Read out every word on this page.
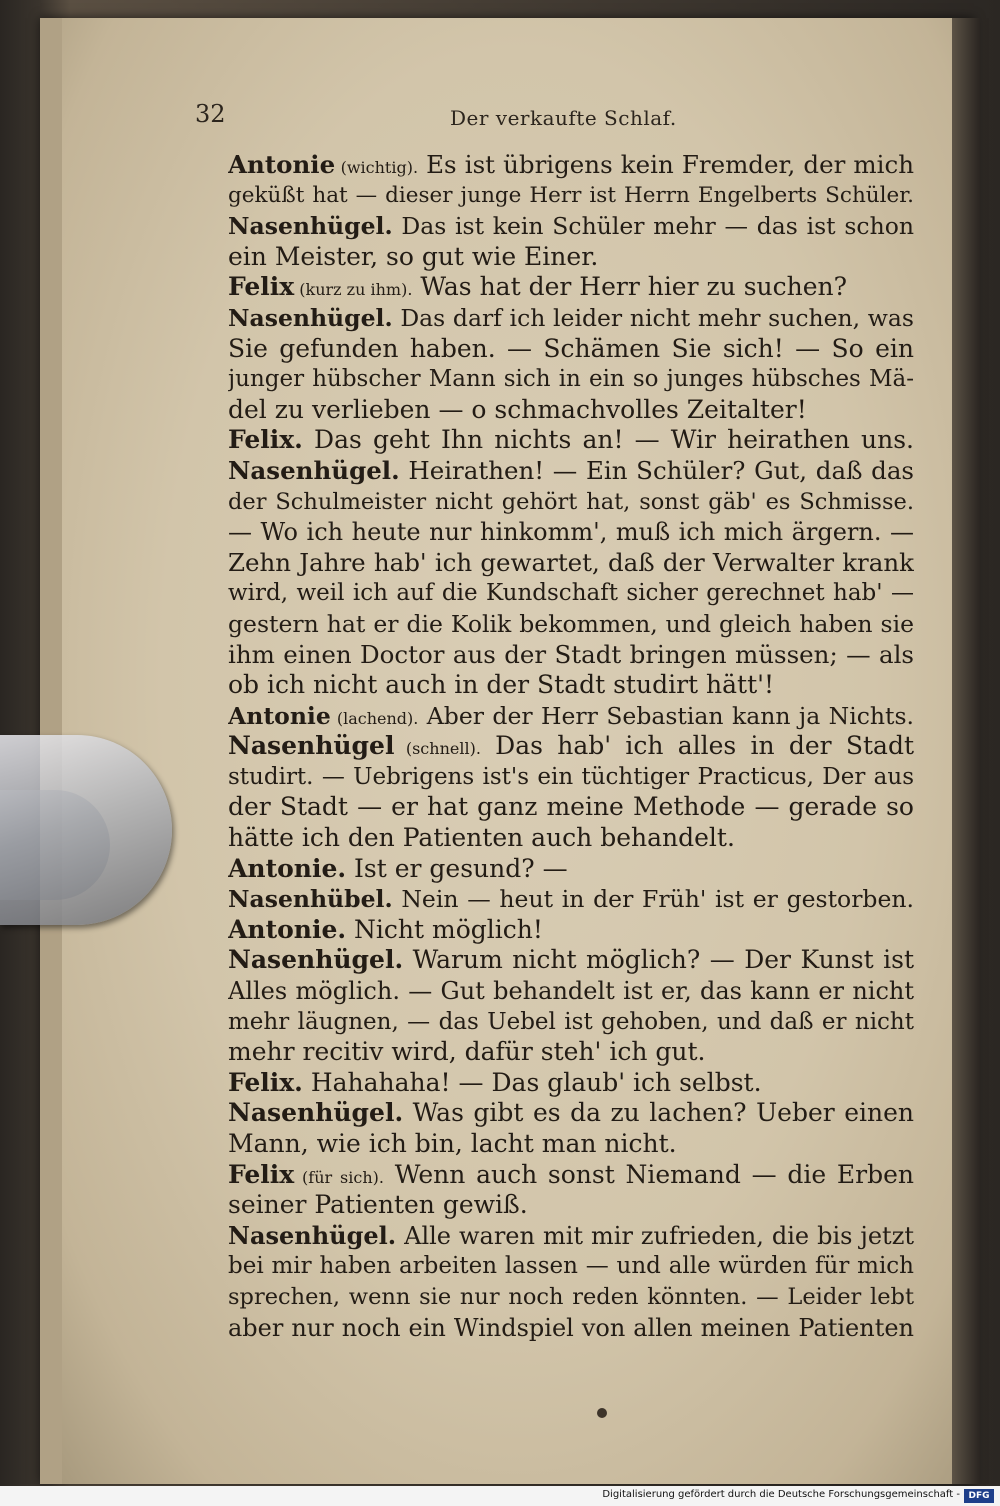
32	Der verkaufte Schlaf.
Antonie (wichtig). Es ist übrigens kein Fremder, der mich
geküßt hat — dieser junge Herr ist Herrn Engelberts Schüler.
Nasenhügel. Das ist kein Schüler mehr — das ist schon
ein Meister, so gut wie Einer.
Felix (kurz zu ihm). Was hat der Herr hier zu suchen?
Nasenhügel. Das darf ich leider nicht mehr suchen, was
Sie gefunden haben. — Schämen Sie sich! — So ein
junger hübscher Mann sich in ein so junges hübsches Mä-
del zu verlieben — o schmachvolles Zeitalter!
Felix. Das geht Ihn nichts an! — Wir heirathen uns.
Nasenhügel. Heirathen! — Ein Schüler? Gut, daß das
der Schulmeister nicht gehört hat, sonst gäb' es Schmisse.
— Wo ich heute nur hinkomm', muß ich mich ärgern. —
Zehn Jahre hab' ich gewartet, daß der Verwalter krank
wird, weil ich auf die Kundschaft sicher gerechnet hab' —
gestern hat er die Kolik bekommen, und gleich haben sie
ihm einen Doctor aus der Stadt bringen müssen; — als
ob ich nicht auch in der Stadt studirt hätt'!
Antonie (lachend). Aber der Herr Sebastian kann ja Nichts.
Nasenhügel (schnell). Das hab' ich alles in der Stadt
studirt. — Uebrigens ist's ein tüchtiger Practicus, Der aus
der Stadt — er hat ganz meine Methode — gerade so
hätte ich den Patienten auch behandelt.
Antonie. Ist er gesund? —
Nasenhübel. Nein — heut in der Früh' ist er gestorben.
Antonie. Nicht möglich!
Nasenhügel. Warum nicht möglich? — Der Kunst ist
Alles möglich. — Gut behandelt ist er, das kann er nicht
mehr läugnen, — das Uebel ist gehoben, und daß er nicht
mehr recitiv wird, dafür steh' ich gut.
Felix. Hahahaha! — Das glaub' ich selbst.
Nasenhügel. Was gibt es da zu lachen? Ueber einen
Mann, wie ich bin, lacht man nicht.
Felix (für sich). Wenn auch sonst Niemand — die Erben
seiner Patienten gewiß.
Nasenhügel. Alle waren mit mir zufrieden, die bis jetzt
bei mir haben arbeiten lassen — und alle würden für mich
sprechen, wenn sie nur noch reden könnten. — Leider lebt
aber nur noch ein Windspiel von allen meinen Patienten
Digitalisierung gefördert durch die Deutsche Forschungsgemeinschaft - DFG
